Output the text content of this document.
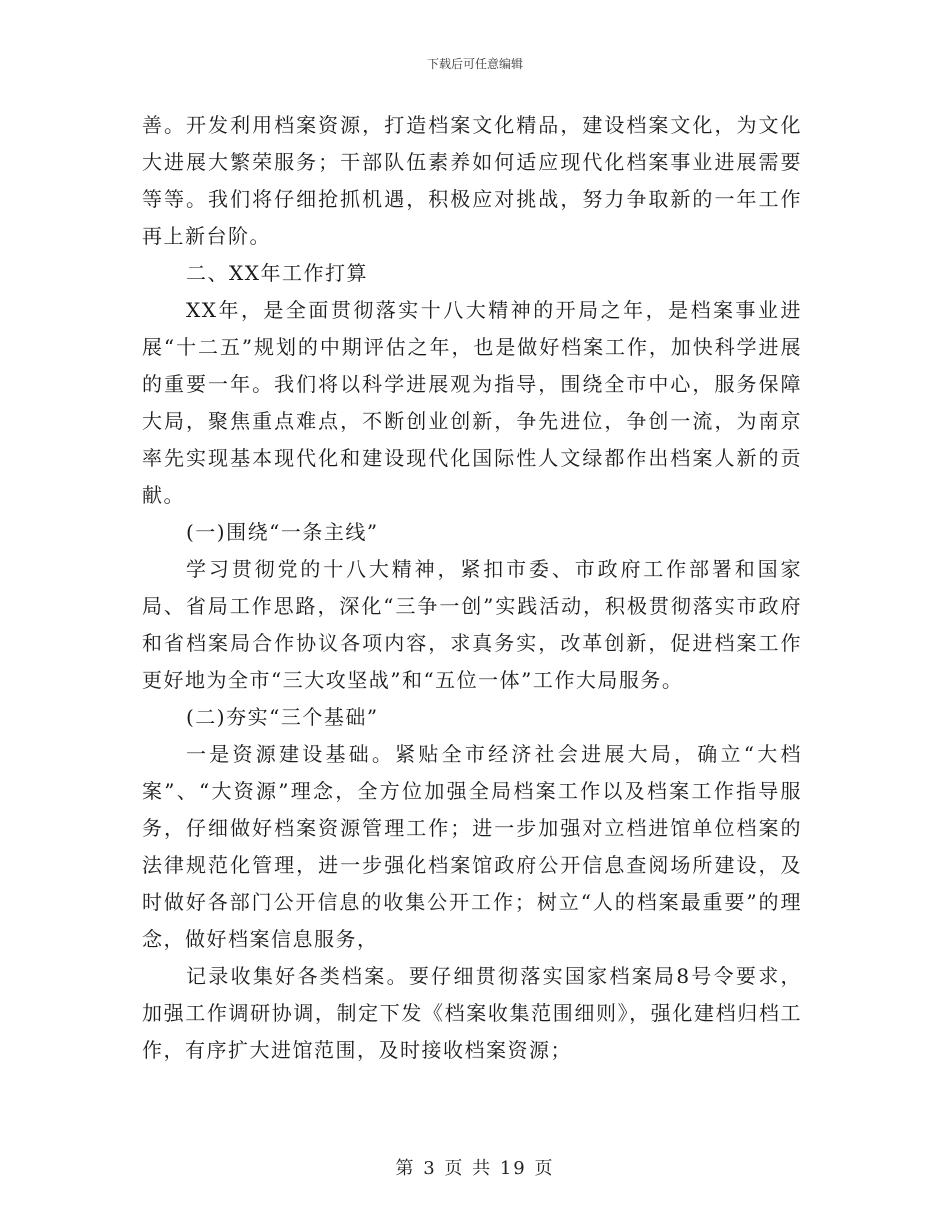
下载后可任意编辑

善。开发利用档案资源，打造档案文化精品，建设档案文化，为文化大进展大繁荣服务；干部队伍素养如何适应现代化档案事业进展需要等等。我们将仔细抢抓机遇，积极应对挑战，努力争取新的一年工作再上新台阶。

二、XX年工作打算

XX年，是全面贯彻落实十八大精神的开局之年，是档案事业进展“十二五”规划的中期评估之年，也是做好档案工作，加快科学进展的重要一年。我们将以科学进展观为指导，围绕全市中心，服务保障大局，聚焦重点难点，不断创业创新，争先进位，争创一流，为南京率先实现基本现代化和建设现代化国际性人文绿都作出档案人新的贡献。

(一)围绕“一条主线”

学习贯彻党的十八大精神，紧扣市委、市政府工作部署和国家局、省局工作思路，深化“三争一创”实践活动，积极贯彻落实市政府和省档案局合作协议各项内容，求真务实，改革创新，促进档案工作更好地为全市“三大攻坚战”和“五位一体”工作大局服务。

(二)夯实“三个基础”

一是资源建设基础。紧贴全市经济社会进展大局，确立“大档案”、“大资源”理念，全方位加强全局档案工作以及档案工作指导服务，仔细做好档案资源管理工作；进一步加强对立档进馆单位档案的法律规范化管理，进一步强化档案馆政府公开信息查阅场所建设，及时做好各部门公开信息的收集公开工作；树立“人的档案最重要”的理念，做好档案信息服务，

记录收集好各类档案。要仔细贯彻落实国家档案局8号令要求，加强工作调研协调，制定下发《档案收集范围细则》，强化建档归档工作，有序扩大进馆范围，及时接收档案资源；

第 3 页 共 19 页
